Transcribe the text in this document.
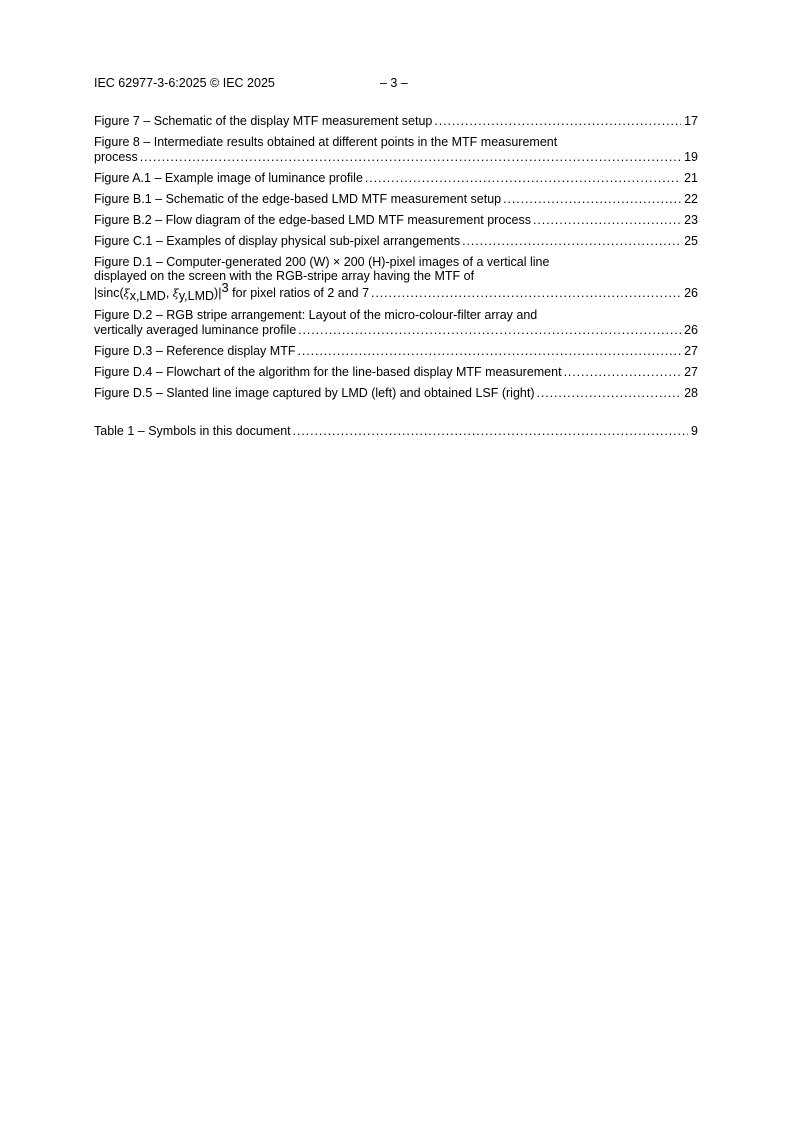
IEC 62977-3-6:2025 © IEC 2025	– 3 –
Figure 7 – Schematic of the display MTF measurement setup .....	17
Figure 8 – Intermediate results obtained at different points in the MTF measurement
process .....	19
Figure A.1 – Example image of luminance profile .....	21
Figure B.1 – Schematic of the edge-based LMD MTF measurement setup .....	22
Figure B.2 – Flow diagram of the edge-based LMD MTF measurement process .....	23
Figure C.1 – Examples of display physical sub-pixel arrangements .....	25
Figure D.1 – Computer-generated 200 (W) × 200 (H)-pixel images of a vertical line
displayed on the screen with the RGB-stripe array having the MTF of
|sinc(ξx,LMD, ξy,LMD)|3 for pixel ratios of 2 and 7 .....	26
Figure D.2 – RGB stripe arrangement: Layout of the micro-colour-filter array and
vertically averaged luminance profile .....	26
Figure D.3 – Reference display MTF .....	27
Figure D.4 – Flowchart of the algorithm for the line-based display MTF measurement .....	27
Figure D.5 – Slanted line image captured by LMD (left) and obtained LSF (right) .....	28
Table 1 – Symbols in this document .....	9
